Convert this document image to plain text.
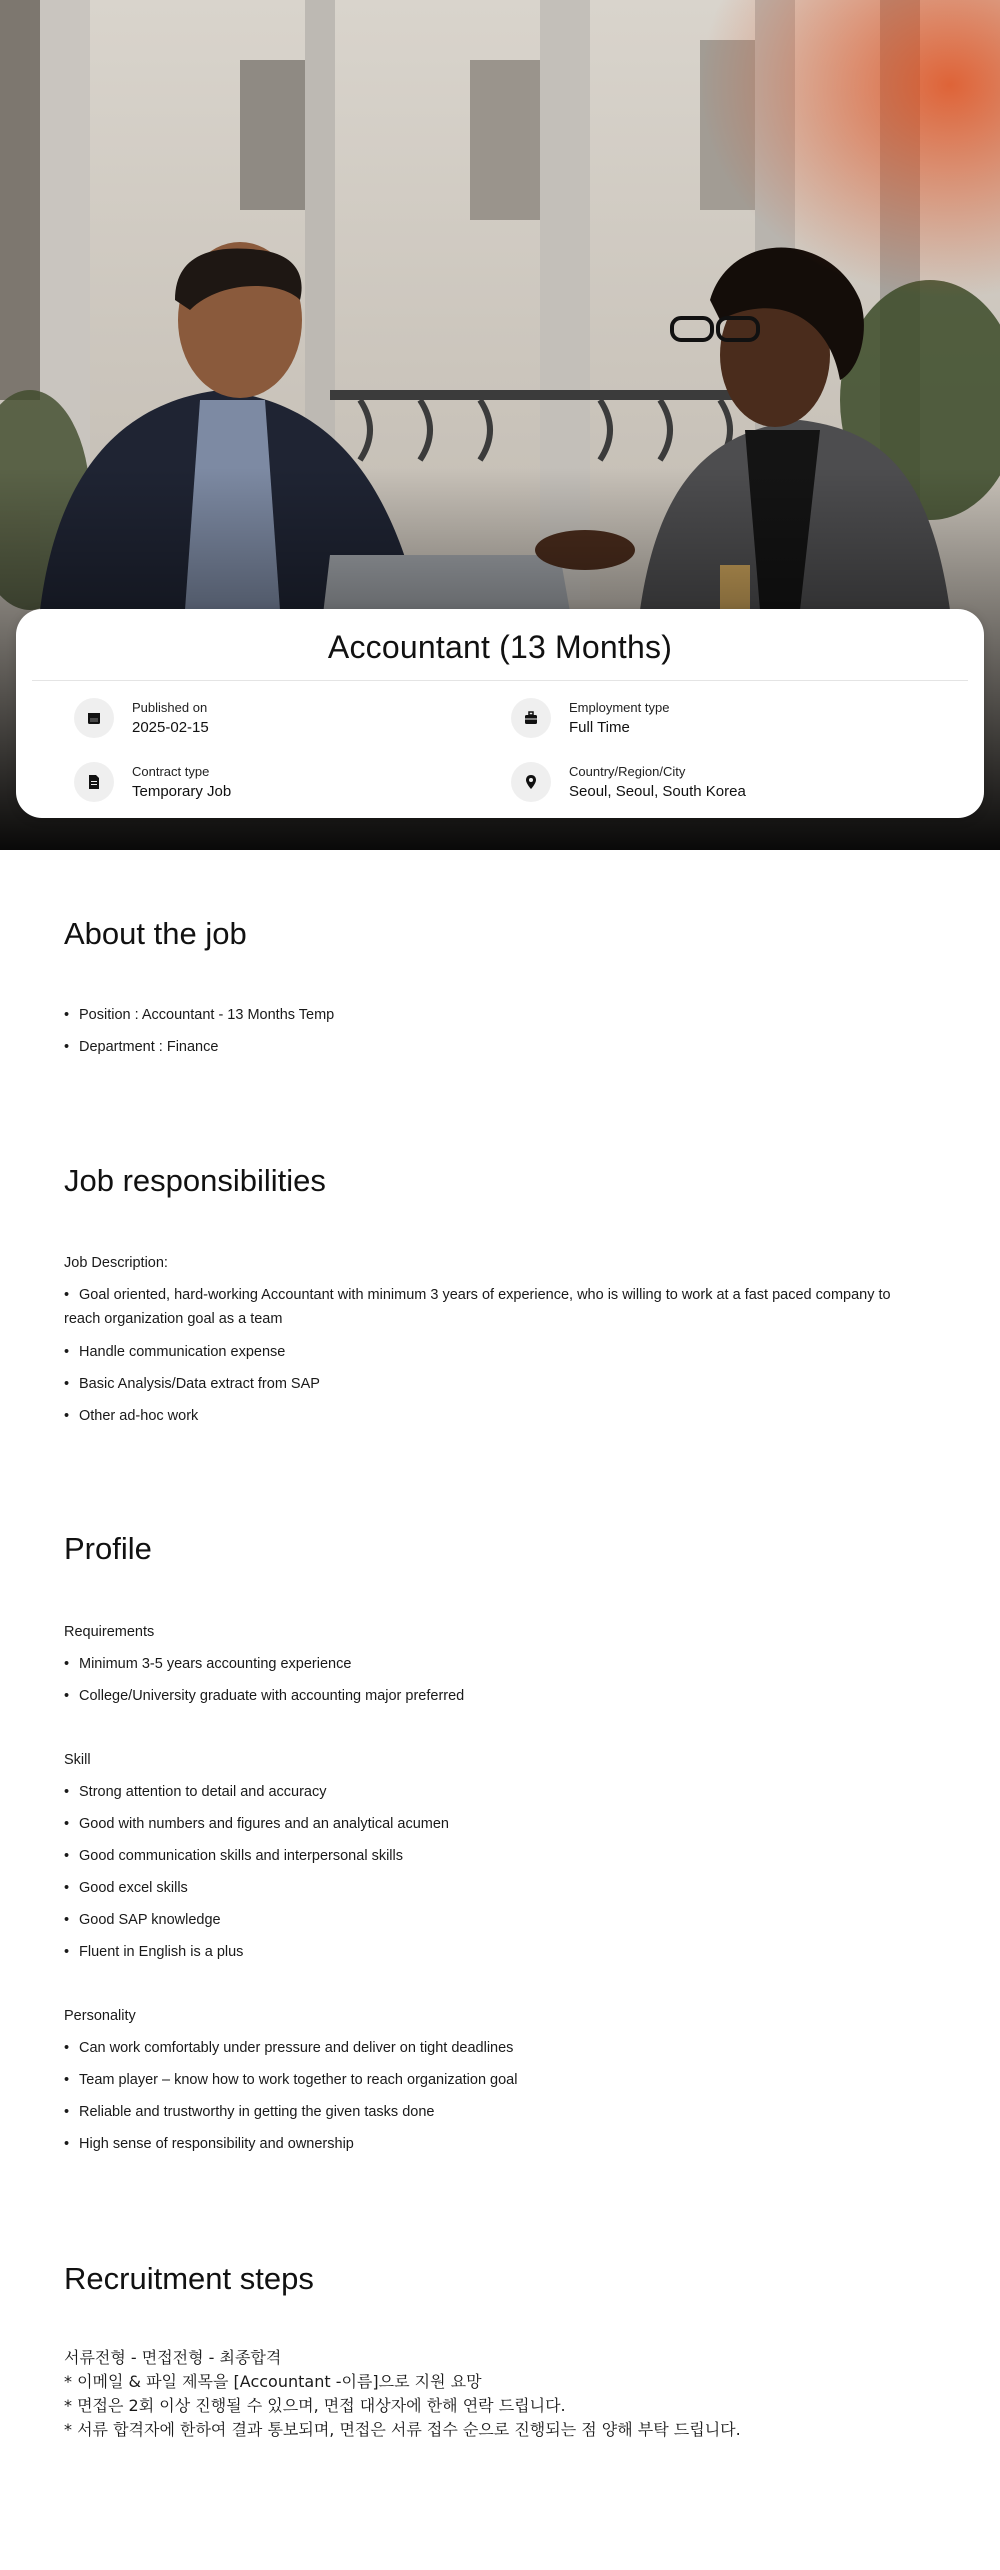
Accountant (13 Months)
Published on
2025-02-15
Employment type
Full Time
Contract type
Temporary Job
Country/Region/City
Seoul, Seoul, South Korea
About the job
• Position : Accountant - 13 Months Temp
• Department : Finance
Job responsibilities
Job Description:
• Goal oriented, hard-working Accountant with minimum 3 years of experience, who is willing to work at a fast paced company to
reach organization goal as a team
• Handle communication expense
• Basic Analysis/Data extract from SAP
• Other ad-hoc work
Profile
Requirements
• Minimum 3-5 years accounting experience
• College/University graduate with accounting major preferred
Skill
• Strong attention to detail and accuracy
• Good with numbers and figures and an analytical acumen
• Good communication skills and interpersonal skills
• Good excel skills
• Good SAP knowledge
• Fluent in English is a plus
Personality
• Can work comfortably under pressure and deliver on tight deadlines
• Team player – know how to work together to reach organization goal
• Reliable and trustworthy in getting the given tasks done
• High sense of responsibility and ownership
Recruitment steps
서류전형 - 면접전형 - 최종합격
* 이메일 & 파일 제목을 [Accountant -이름]으로 지원 요망
* 면접은 2회 이상 진행될 수 있으며, 면접 대상자에 한해 연락 드립니다.
* 서류 합격자에 한하여 결과 통보되며, 면접은 서류 접수 순으로 진행되는 점 양해 부탁 드립니다.
